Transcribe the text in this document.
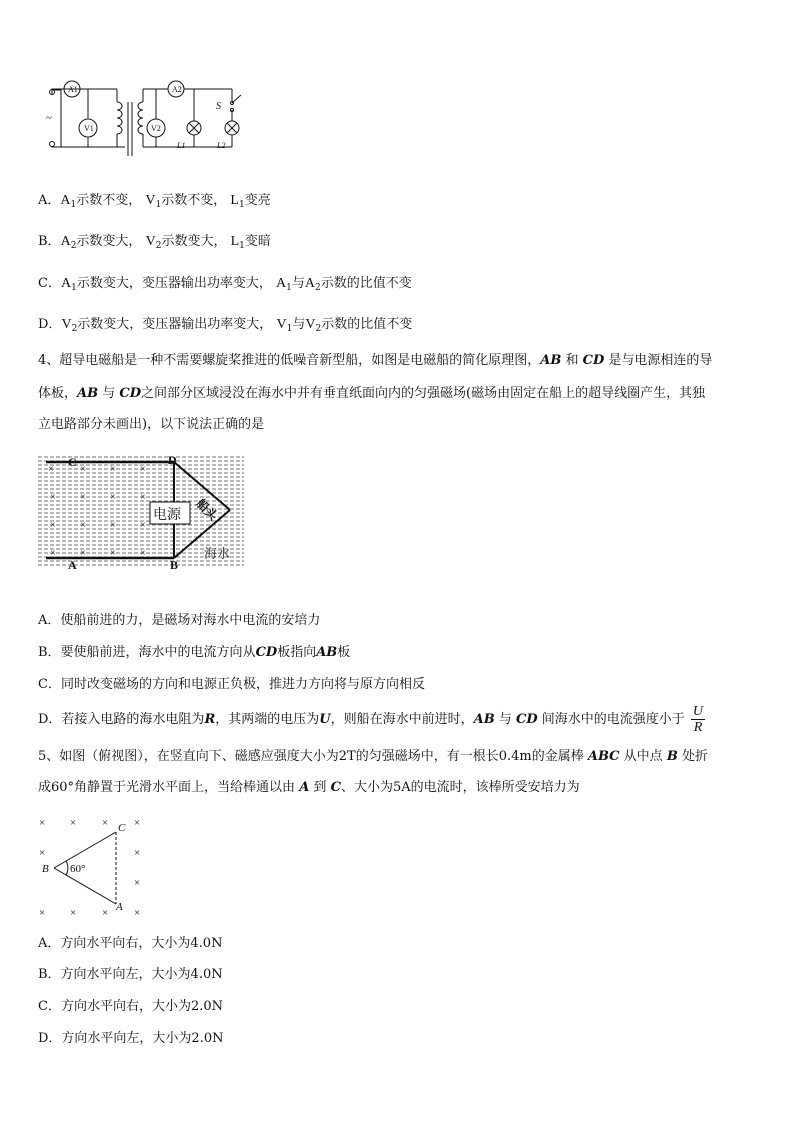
A1	A2
V1	V2
S
L1	L2
~
A．$A_1$示数不变， $V_1$示数不变， $L_1$变亮
B．$A_2$示数变大， $V_2$示数变大， $L_1$变暗
C．$A_1$示数变大，变压器输出功率变大， $A_1$与$A_2$示数的比值不变
D．$V_2$示数变大，变压器输出功率变大， $V_1$与$V_2$示数的比值不变
4、超导电磁船是一种不需要螺旋桨推进的低噪音新型船，如图是电磁船的简化原理图，AB 和 CD 是与电源相连的导
体板，AB 与 CD之间部分区域浸没在海水中并有垂直纸面向内的匀强磁场(磁场由固定在船上的超导线圈产生，其独
立电路部分未画出)，以下说法正确的是
电源
×	× × ×
× × × ×
× × × ×
× × × ×
C	D
A	B
船头
海水
A．使船前进的力，是磁场对海水中电流的安培力
B．要使船前进，海水中的电流方向从CD板指向AB板
C．同时改变磁场的方向和电源正负极，推进力方向将与原方向相反
D．若接入电路的海水电阻为R，其两端的电压为U，则船在海水中前进时，AB 与 CD 间海水中的电流强度小于 $\frac{U}{R}$
5、如图（俯视图），在竖直向下、磁感应强度大小为2T的匀强磁场中，有一根长0.4m的金属棒 ABC 从中点 B 处折
成60°角静置于光滑水平面上，当给棒通以由 A 到 C、大小为5A的电流时，该棒所受安培力为
× × × ×
×	×
×
× × × ×
C
B
A
60°
A．方向水平向右，大小为4.0N
B．方向水平向左，大小为4.0N
C．方向水平向右，大小为2.0N
D．方向水平向左，大小为2.0N
